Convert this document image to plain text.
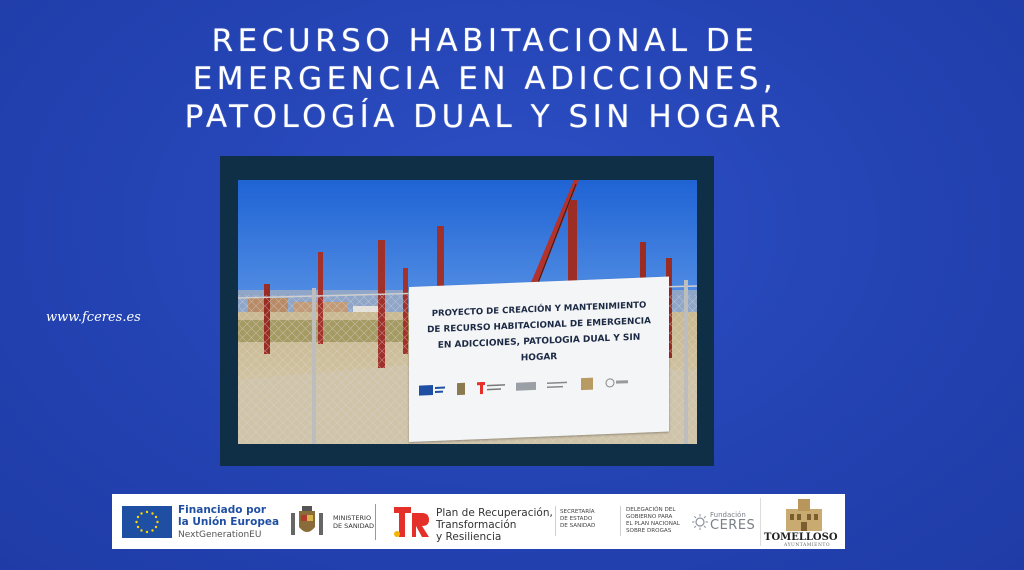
RECURSO HABITACIONAL DE
EMERGENCIA EN ADICCIONES,
PATOLOGÍA DUAL Y SIN HOGAR
www.fceres.es	PROYECTO DE CREACIÓN Y MANTENIMIENTO
DE RECURSO HABITACIONAL DE EMERGENCIA
EN ADICCIONES, PATOLOGIA DUAL Y SIN
HOGAR
Financiado por
la Unión Europea
NextGenerationEU
MINISTERIO
DE SANIDAD
Plan de Recuperación,
Transformación
y Resiliencia
SECRETARÍA
DE ESTADO
DE SANIDAD
DELEGACIÓN DEL
GOBIERNO PARA
EL PLAN NACIONAL
SOBRE DROGAS
Fundación
CERES
TOMELLOSO
AYUNTAMIENTO
